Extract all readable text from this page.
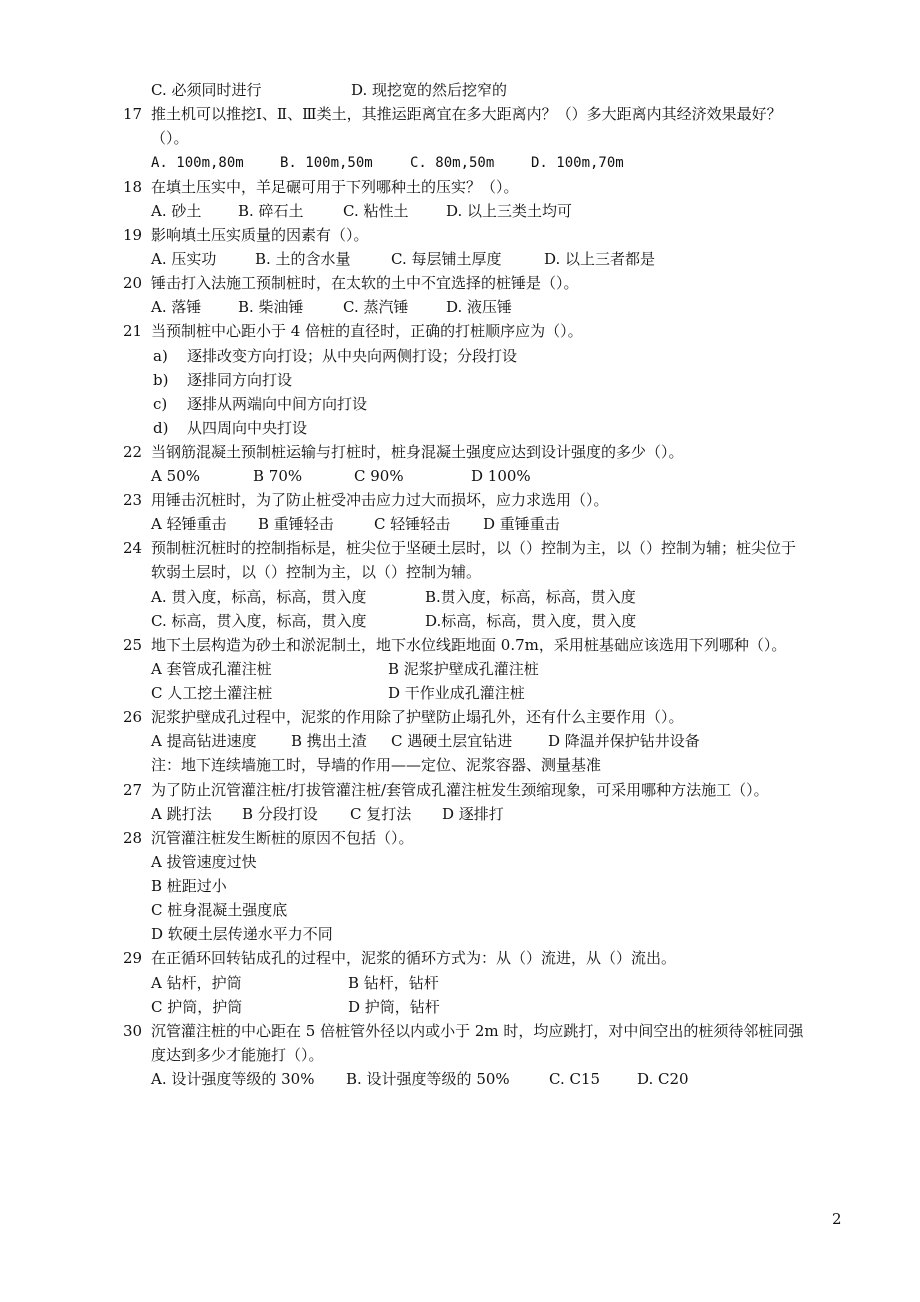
C. 必须同时进行	D. 现挖宽的然后挖窄的
17 推土机可以推挖Ⅰ、Ⅱ、Ⅲ类土，其推运距离宜在多大距离内？（）多大距离内其经济效果最好？
（）。
A. 100m,80m	B. 100m,50m	C. 80m,50m	D. 100m,70m
18 在填土压实中，羊足碾可用于下列哪种土的压实？（）。
A. 砂土 B. 碎石土	C. 粘性土	D. 以上三类土均可
19 影响填土压实质量的因素有（）。
A. 压实功	B. 土的含水量	C. 每层铺土厚度	D. 以上三者都是
20 锤击打入法施工预制桩时，在太软的土中不宜选择的桩锤是（）。
A. 落锤 B. 柴油锤	C. 蒸汽锤	D. 液压锤
21 当预制桩中心距小于 4 倍桩的直径时，正确的打桩顺序应为（）。
a) 逐排改变方向打设；从中央向两侧打设；分段打设
b) 逐排同方向打设
c) 逐排从两端向中间方向打设
d) 从四周向中央打设
22 当钢筋混凝土预制桩运输与打桩时，桩身混凝土强度应达到设计强度的多少（）。
A 50%	B 70%	C 90%	D 100%
23 用锤击沉桩时，为了防止桩受冲击应力过大而损坏，应力求选用（）。
A 轻锤重击 B 重锤轻击	C 轻锤轻击 D 重锤重击
24 预制桩沉桩时的控制指标是，桩尖位于坚硬土层时，以（）控制为主，以（）控制为辅；桩尖位于
软弱土层时，以（）控制为主，以（）控制为辅。
A. 贯入度，标高，标高，贯入度	B.贯入度，标高，标高，贯入度
C. 标高，贯入度，标高，贯入度	D.标高，标高，贯入度，贯入度
25 地下土层构造为砂土和淤泥制土，地下水位线距地面 0.7m，采用桩基础应该选用下列哪种（）。
A 套管成孔灌注桩	B 泥浆护壁成孔灌注桩
C 人工挖土灌注桩	D 干作业成孔灌注桩
26 泥浆护壁成孔过程中，泥浆的作用除了护壁防止塌孔外，还有什么主要作用（）。
A 提高钻进速度 B 携出土渣 C 遇硬土层宜钻进 D 降温并保护钻井设备
注：地下连续墙施工时，导墙的作用——定位、泥浆容器、测量基准
27 为了防止沉管灌注桩/打拔管灌注桩/套管成孔灌注桩发生颈缩现象，可采用哪种方法施工（）。
A 跳打法 B 分段打设 C 复打法 D 逐排打
28 沉管灌注桩发生断桩的原因不包括（）。
A 拔管速度过快
B 桩距过小
C 桩身混凝土强度底
D 软硬土层传递水平力不同
29 在正循环回转钻成孔的过程中，泥浆的循环方式为：从（）流进，从（）流出。
A 钻杆，护筒	B 钻杆，钻杆
C 护筒，护筒	D 护筒，钻杆
30 沉管灌注桩的中心距在 5 倍桩管外径以内或小于 2m 时，均应跳打，对中间空出的桩须待邻桩同强
度达到多少才能施打（）。
A. 设计强度等级的 30% B. 设计强度等级的 50%	C. C15 D. C20
2
